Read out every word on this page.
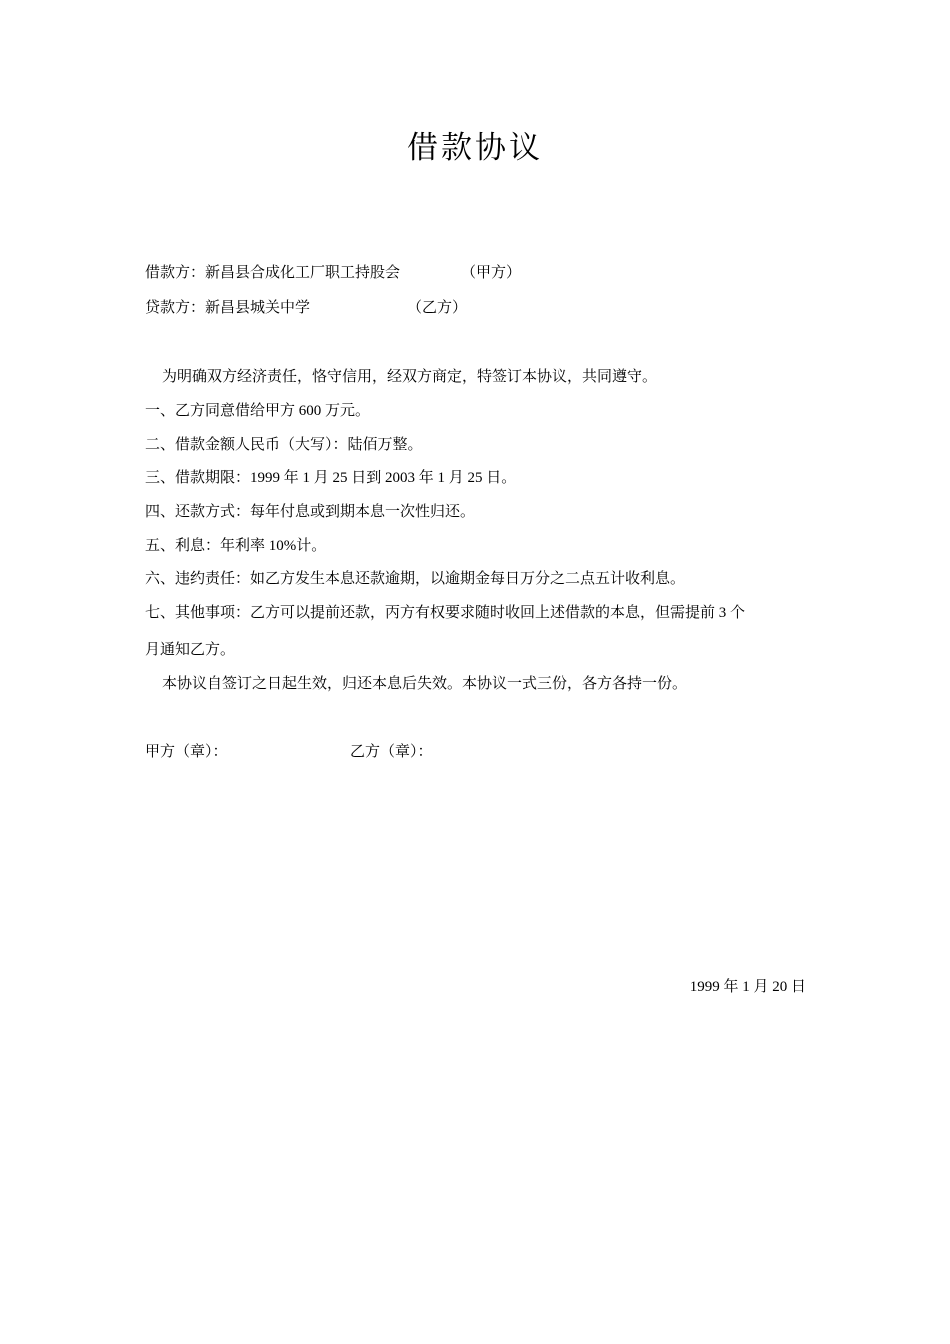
借款协议
借款方：新昌县合成化工厂职工持股会	（甲方）
贷款方：新昌县城关中学	（乙方）
为明确双方经济责任，恪守信用，经双方商定，特签订本协议，共同遵守。
一、乙方同意借给甲方 600 万元。
二、借款金额人民币（大写）：陆佰万整。
三、借款期限：1999 年 1 月 25 日到 2003 年 1 月 25 日。
四、还款方式：每年付息或到期本息一次性归还。
五、利息：年利率 10%计。
六、违约责任：如乙方发生本息还款逾期，以逾期金每日万分之二点五计收利息。
七、其他事项：乙方可以提前还款，丙方有权要求随时收回上述借款的本息，但需提前 3 个
月通知乙方。
本协议自签订之日起生效，归还本息后失效。本协议一式三份，各方各持一份。
甲方（章）：	乙方（章）：
1999 年 1 月 20 日
